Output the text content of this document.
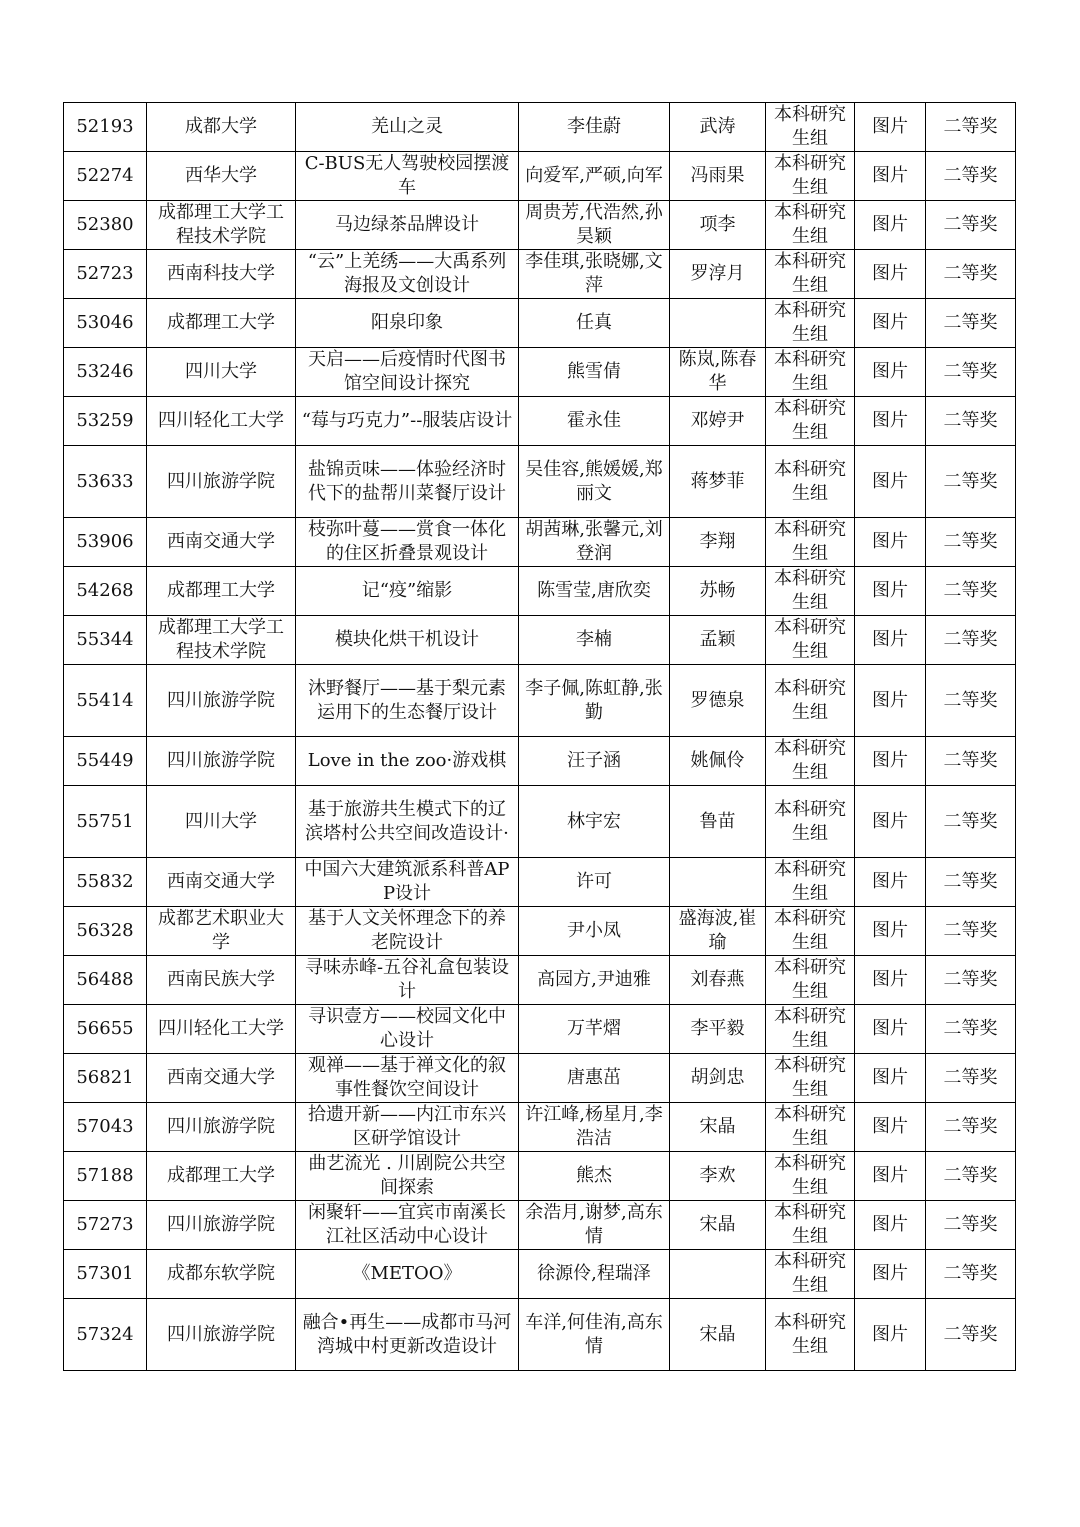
52193	成都大学	羌山之灵	李佳蔚	武涛	本科研究生组	图片	二等奖
52274	西华大学	C-BUS无人驾驶校园摆渡车	向爱军,严硕,向军	冯雨果	本科研究生组	图片	二等奖
52380	成都理工大学工程技术学院	马边绿茶品牌设计	周贵芳,代浩然,孙昊颖	项李	本科研究生组	图片	二等奖
52723	西南科技大学	“云”上羌绣——大禹系列海报及文创设计	李佳琪,张晓娜,文萍	罗淳月	本科研究生组	图片	二等奖
53046	成都理工大学	阳泉印象	任真		本科研究生组	图片	二等奖
53246	四川大学	天启——后疫情时代图书馆空间设计探究	熊雪倩	陈岚,陈春华	本科研究生组	图片	二等奖
53259	四川轻化工大学	“莓与巧克力”--服装店设计	霍永佳	邓婷尹	本科研究生组	图片	二等奖
53633	四川旅游学院	盐锦贡味——体验经济时代下的盐帮川菜餐厅设计	吴佳容,熊媛媛,郑丽文	蒋梦菲	本科研究生组	图片	二等奖
53906	西南交通大学	枝弥叶蔓——赏食一体化的住区折叠景观设计	胡茜琳,张馨元,刘登润	李翔	本科研究生组	图片	二等奖
54268	成都理工大学	记“疫”缩影	陈雪莹,唐欣奕	苏畅	本科研究生组	图片	二等奖
55344	成都理工大学工程技术学院	模块化烘干机设计	李楠	孟颖	本科研究生组	图片	二等奖
55414	四川旅游学院	沐野餐厅——基于梨元素运用下的生态餐厅设计	李子佩,陈虹静,张勤	罗德泉	本科研究生组	图片	二等奖
55449	四川旅游学院	Love in the zoo·游戏棋	汪子涵	姚佩伶	本科研究生组	图片	二等奖
55751	四川大学	基于旅游共生模式下的辽滨塔村公共空间改造设计·	林宇宏	鲁苗	本科研究生组	图片	二等奖
55832	西南交通大学	中国六大建筑派系科普APP设计	许可		本科研究生组	图片	二等奖
56328	成都艺术职业大学	基于人文关怀理念下的养老院设计	尹小凤	盛海波,崔瑜	本科研究生组	图片	二等奖
56488	西南民族大学	寻味赤峰-五谷礼盒包装设计	高园方,尹迪雅	刘春燕	本科研究生组	图片	二等奖
56655	四川轻化工大学	寻识壹方——校园文化中心设计	万芊熠	李平毅	本科研究生组	图片	二等奖
56821	西南交通大学	观禅——基于禅文化的叙事性餐饮空间设计	唐惠茁	胡剑忠	本科研究生组	图片	二等奖
57043	四川旅游学院	拾遗开新——内江市东兴区研学馆设计	许江峰,杨星月,李浩洁	宋晶	本科研究生组	图片	二等奖
57188	成都理工大学	曲艺流光 . 川剧院公共空间探索	熊杰	李欢	本科研究生组	图片	二等奖
57273	四川旅游学院	闲聚轩——宜宾市南溪长江社区活动中心设计	余浩月,谢梦,高东情	宋晶	本科研究生组	图片	二等奖
57301	成都东软学院	《METOO》	徐源伶,程瑞泽		本科研究生组	图片	二等奖
57324	四川旅游学院	融合•再生——成都市马河湾城中村更新改造设计	车洋,何佳洧,高东情	宋晶	本科研究生组	图片	二等奖
